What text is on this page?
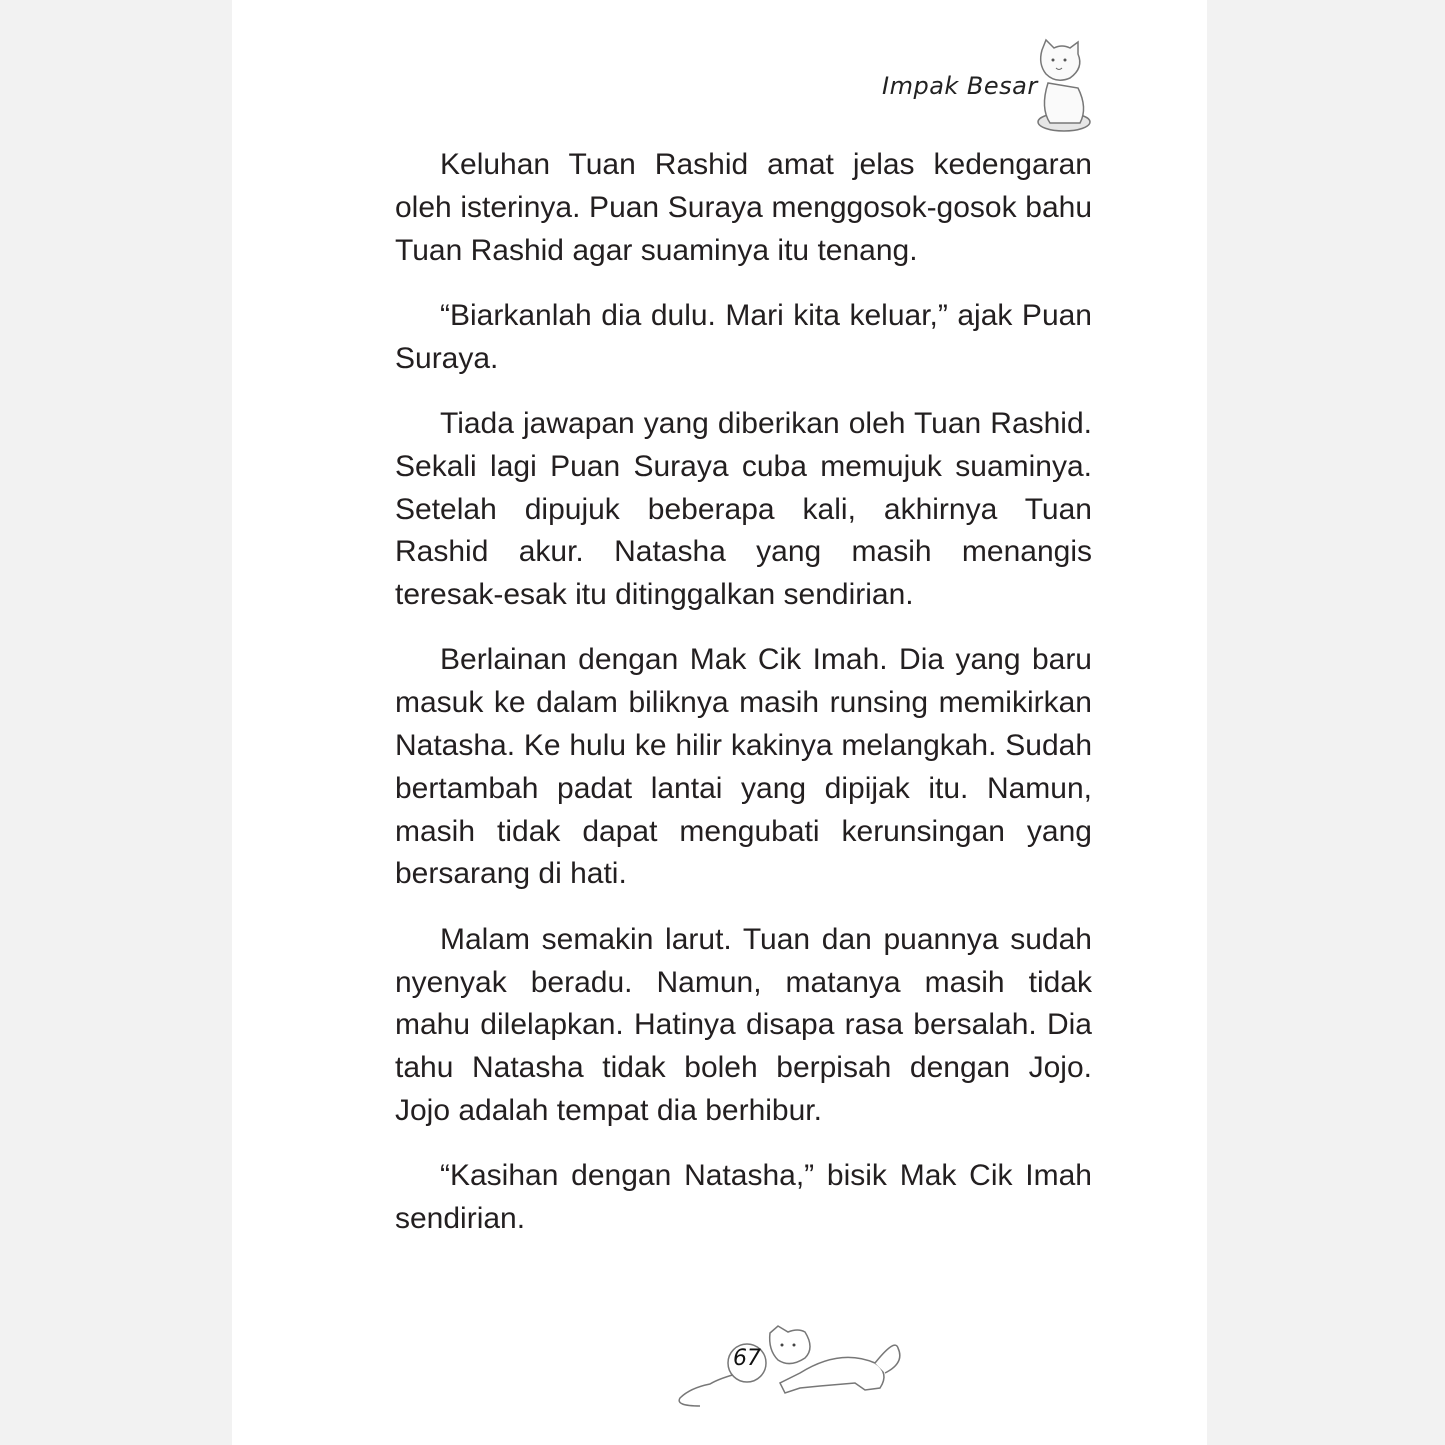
Impak Besar

Keluhan Tuan Rashid amat jelas kedengaran oleh isterinya. Puan Suraya menggosok-gosok bahu Tuan Rashid agar suaminya itu tenang.

“Biarkanlah dia dulu. Mari kita keluar,” ajak Puan Suraya.

Tiada jawapan yang diberikan oleh Tuan Rashid. Sekali lagi Puan Suraya cuba memujuk suaminya. Setelah dipujuk beberapa kali, akhirnya Tuan Rashid akur. Natasha yang masih menangis teresak-esak itu ditinggalkan sendirian.

Berlainan dengan Mak Cik Imah. Dia yang baru masuk ke dalam biliknya masih runsing memikirkan Natasha. Ke hulu ke hilir kakinya melangkah. Sudah bertambah padat lantai yang dipijak itu. Namun, masih tidak dapat mengubati kerunsingan yang bersarang di hati.

Malam semakin larut. Tuan dan puannya sudah nyenyak beradu. Namun, matanya masih tidak mahu dilelapkan. Hatinya disapa rasa bersalah. Dia tahu Natasha tidak boleh berpisah dengan Jojo. Jojo adalah tempat dia berhibur.

“Kasihan dengan Natasha,” bisik Mak Cik Imah sendirian.

67
